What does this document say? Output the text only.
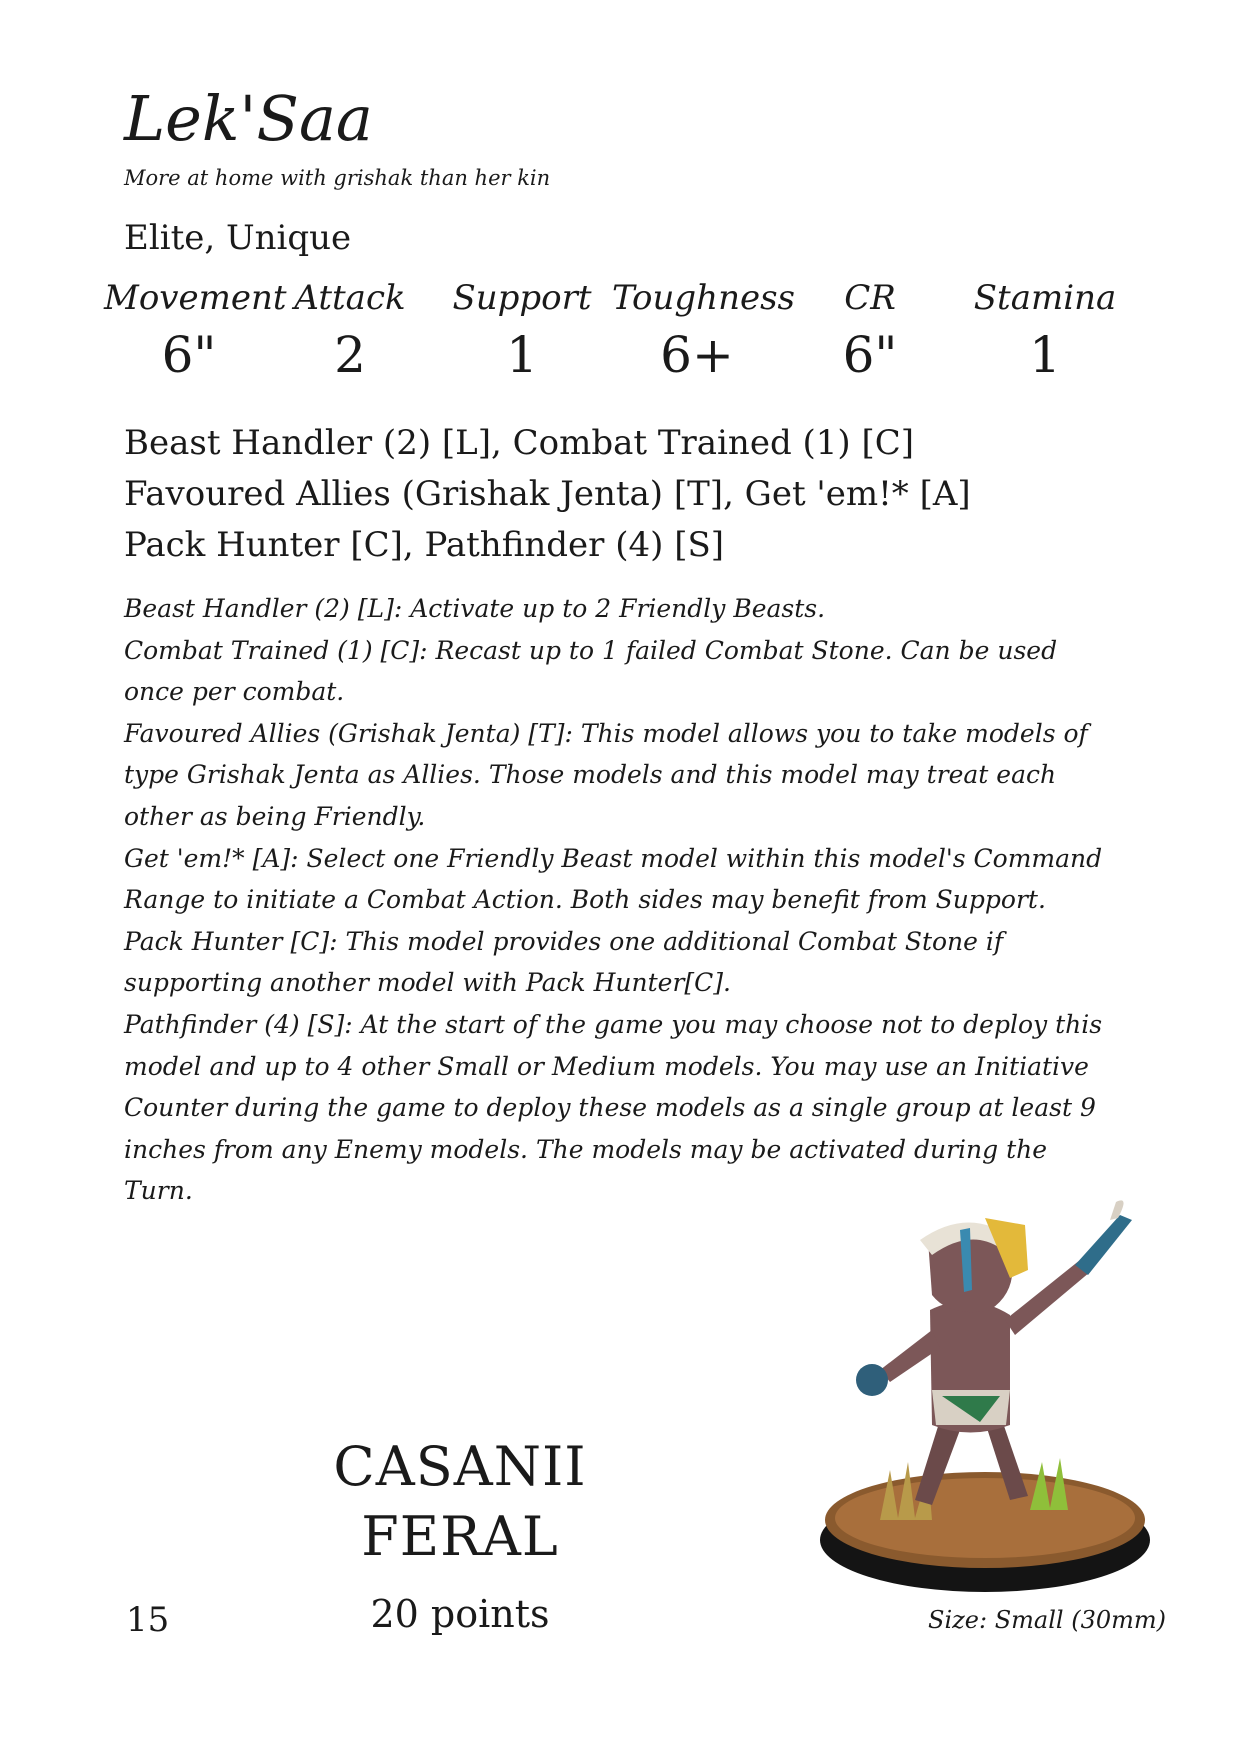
Lek'Saa
More at home with grishak than her kin
Elite, Unique
Movement
6"
Attack
2
Support
1
Toughness
6+
CR
6"
Stamina
1
Beast Handler (2) [L], Combat Trained (1) [C]
Favoured Allies (Grishak Jenta) [T], Get 'em!* [A]
Pack Hunter [C], Pathfinder (4) [S]

Beast Handler (2) [L]: Activate up to 2 Friendly Beasts.

Combat Trained (1) [C]: Recast up to 1 failed Combat Stone. Can be used once per combat.

Favoured Allies (Grishak Jenta) [T]: This model allows you to take models of type Grishak Jenta as Allies. Those models and this model may treat each other as being Friendly.

Get 'em!* [A]: Select one Friendly Beast model within this model's Command Range to initiate a Combat Action. Both sides may benefit from Support.

Pack Hunter [C]: This model provides one additional Combat Stone if supporting another model with Pack Hunter[C].

Pathfinder (4) [S]: At the start of the game you may choose not to deploy this model and up to 4 other Small or Medium models. You may use an Initiative Counter during the game to deploy these models as a single group at least 9 inches from any Enemy models. The models may be activated during the Turn.

CASANII
FERAL
20 points
15	Size: Small (30mm)
